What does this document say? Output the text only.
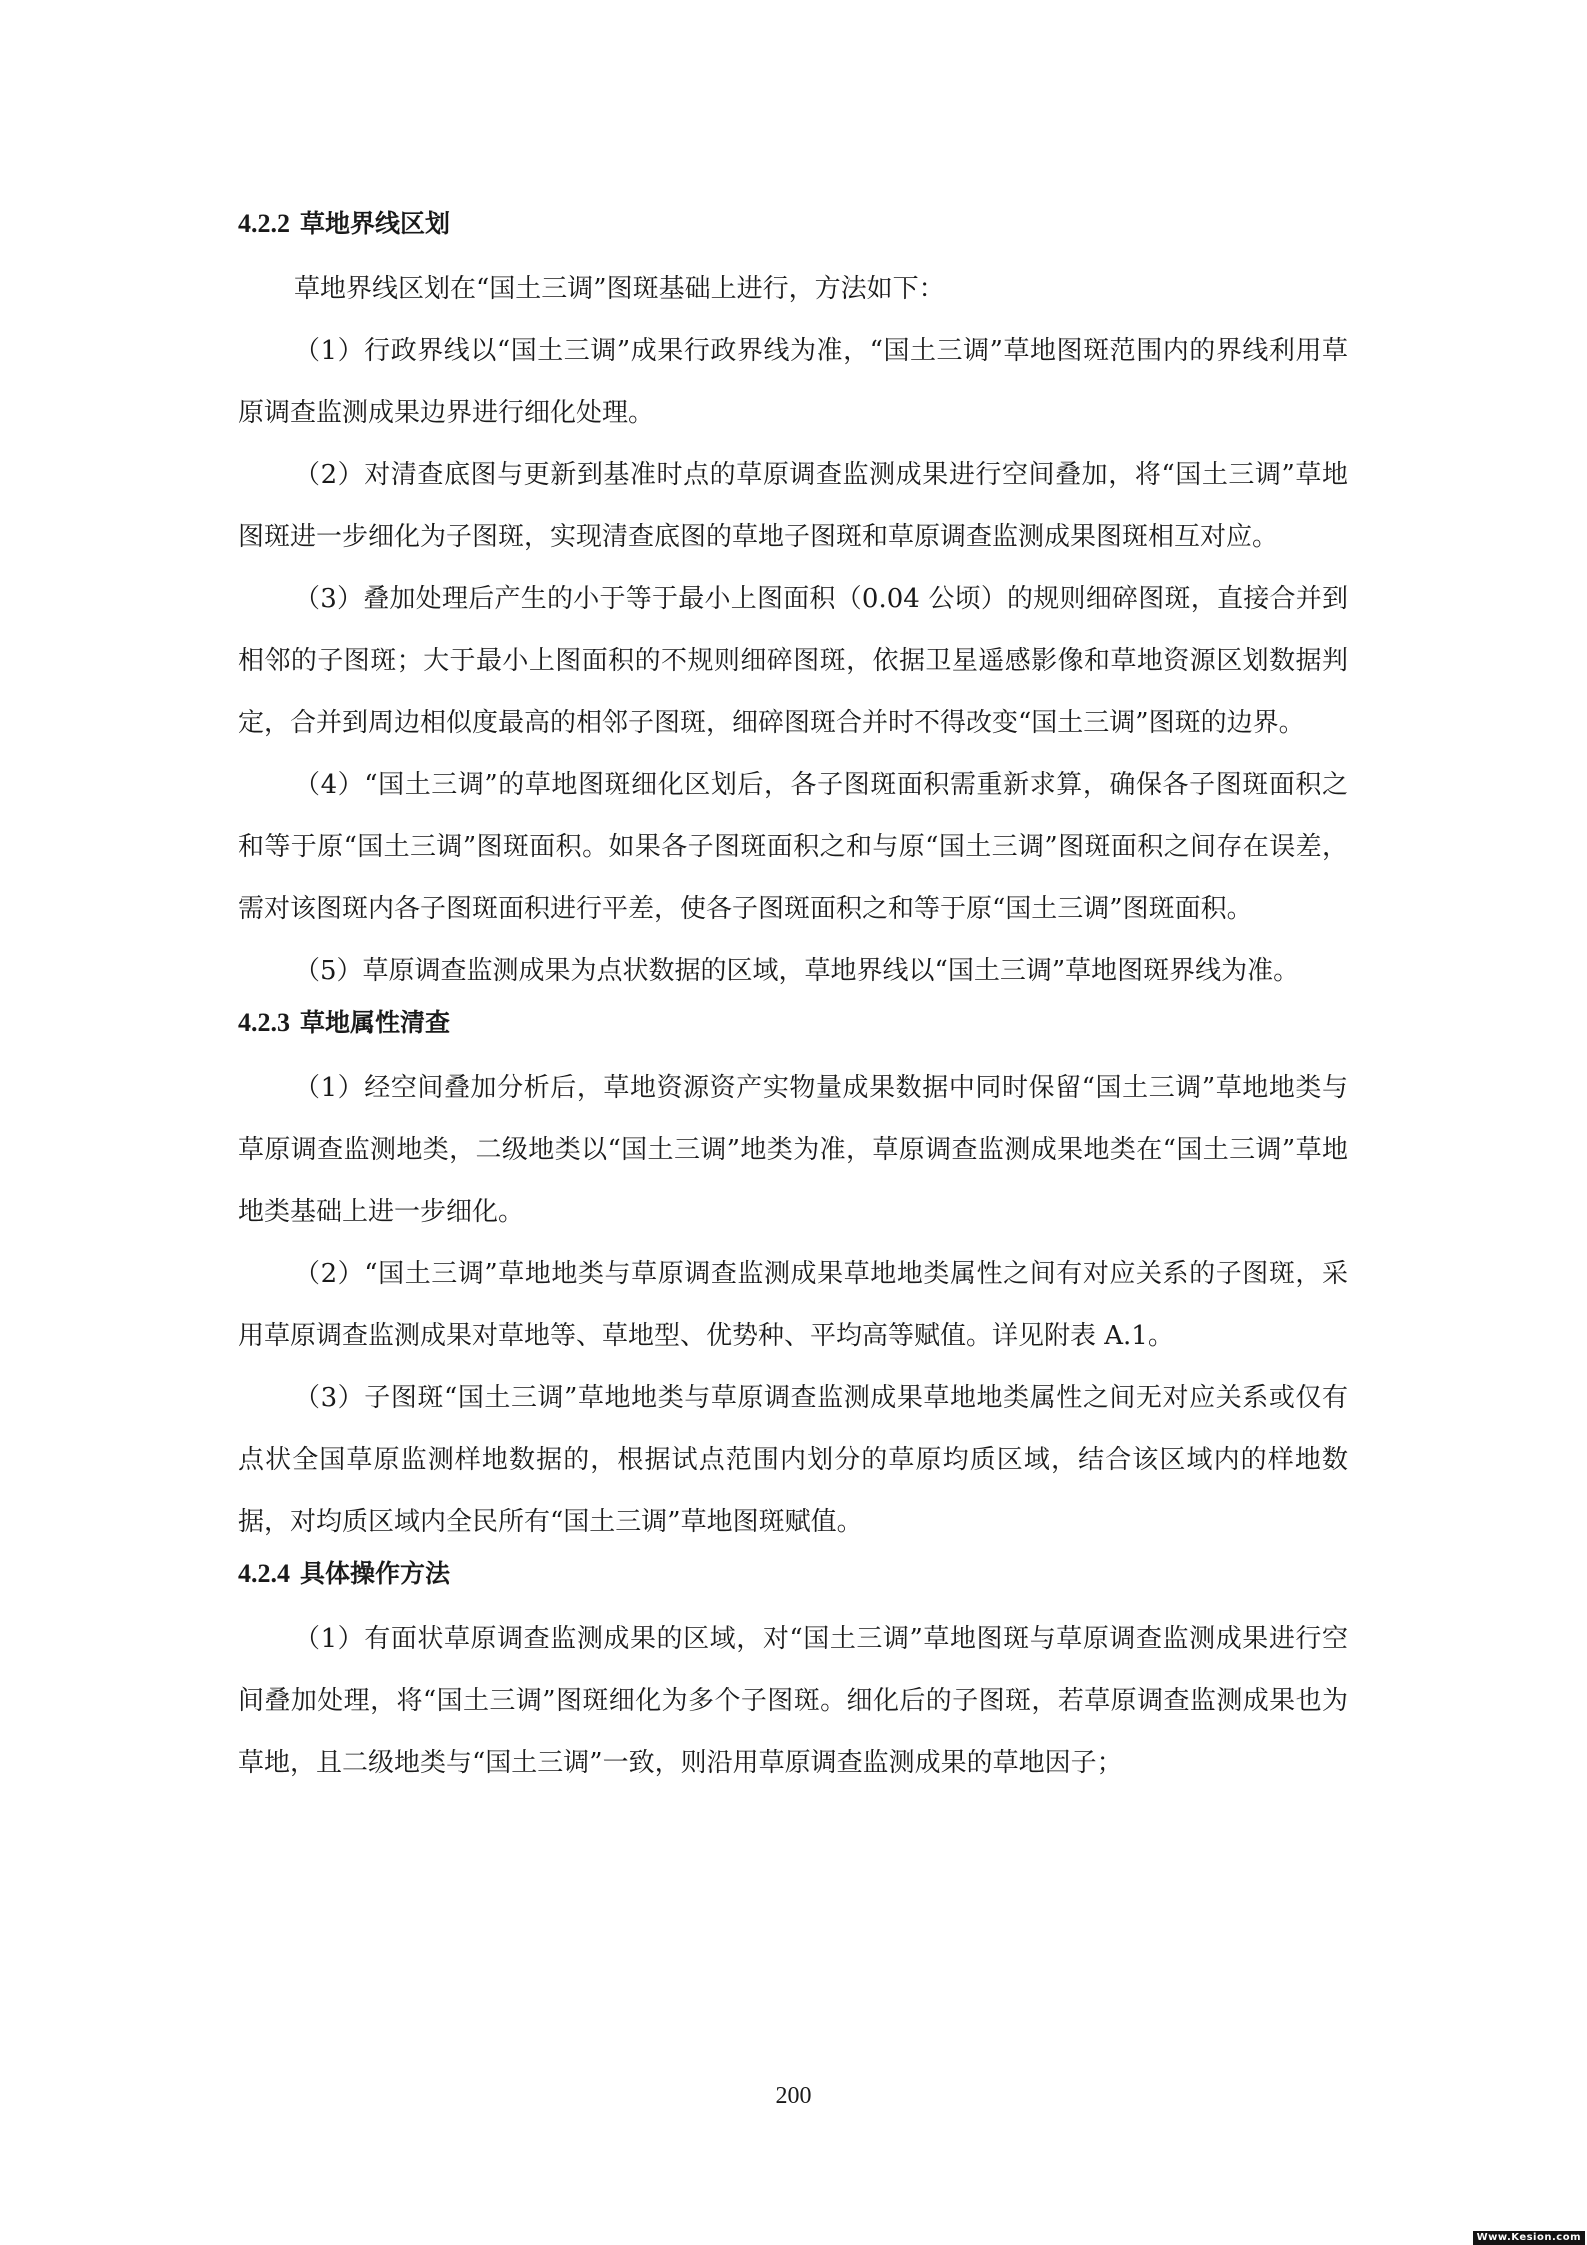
4.2.2 草地界线区划

草地界线区划在“国土三调”图斑基础上进行，方法如下：

（1）行政界线以“国土三调”成果行政界线为准，“国土三调”草地图斑范围内的界线利用草原调查监测成果边界进行细化处理。

（2）对清查底图与更新到基准时点的草原调查监测成果进行空间叠加，将“国土三调”草地图斑进一步细化为子图斑，实现清查底图的草地子图斑和草原调查监测成果图斑相互对应。

（3）叠加处理后产生的小于等于最小上图面积（0.04 公顷）的规则细碎图斑，直接合并到相邻的子图斑；大于最小上图面积的不规则细碎图斑，依据卫星遥感影像和草地资源区划数据判定，合并到周边相似度最高的相邻子图斑，细碎图斑合并时不得改变“国土三调”图斑的边界。

（4）“国土三调”的草地图斑细化区划后，各子图斑面积需重新求算，确保各子图斑面积之和等于原“国土三调”图斑面积。如果各子图斑面积之和与原“国土三调”图斑面积之间存在误差，需对该图斑内各子图斑面积进行平差，使各子图斑面积之和等于原“国土三调”图斑面积。

（5）草原调查监测成果为点状数据的区域，草地界线以“国土三调”草地图斑界线为准。

4.2.3 草地属性清查

（1）经空间叠加分析后，草地资源资产实物量成果数据中同时保留“国土三调”草地地类与草原调查监测地类，二级地类以“国土三调”地类为准，草原调查监测成果地类在“国土三调”草地地类基础上进一步细化。

（2）“国土三调”草地地类与草原调查监测成果草地地类属性之间有对应关系的子图斑，采用草原调查监测成果对草地等、草地型、优势种、平均高等赋值。详见附表 A.1。

（3）子图斑“国土三调”草地地类与草原调查监测成果草地地类属性之间无对应关系或仅有点状全国草原监测样地数据的，根据试点范围内划分的草原均质区域，结合该区域内的样地数据，对均质区域内全民所有“国土三调”草地图斑赋值。

4.2.4 具体操作方法

（1）有面状草原调查监测成果的区域，对“国土三调”草地图斑与草原调查监测成果进行空间叠加处理，将“国土三调”图斑细化为多个子图斑。细化后的子图斑，若草原调查监测成果也为草地，且二级地类与“国土三调”一致，则沿用草原调查监测成果的草地因子；

200
Www.Kesion.com
